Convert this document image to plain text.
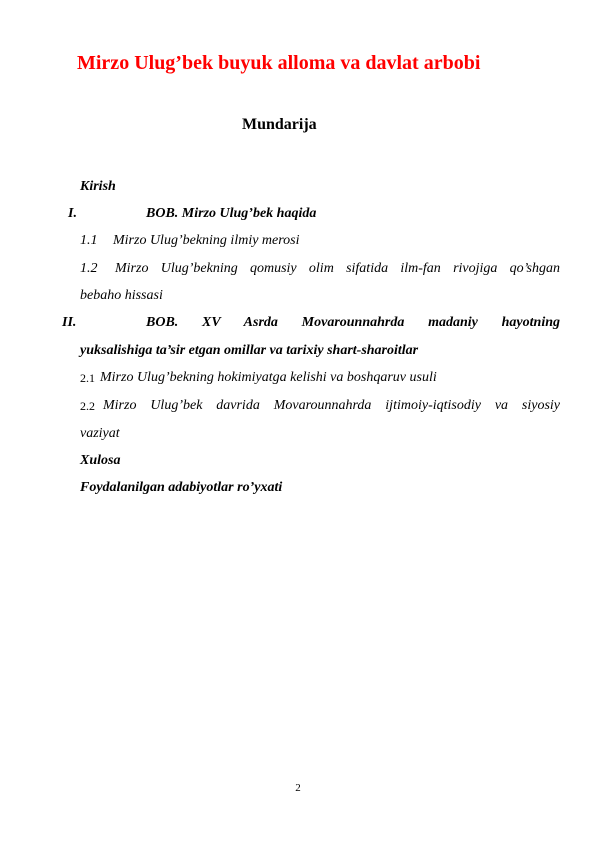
Mirzo Ulug’bek buyuk alloma va davlat arbobi
Mundarija
Kirish
I.	BOB. Mirzo Ulug’bek haqida
1.1 Mirzo Ulug’bekning ilmiy merosi
1.2 Mirzo Ulug’bekning qomusiy olim sifatida ilm-fan rivojiga qo’shgan
bebaho hissasi
II.	BOB. XV Asrda Movarounnahrda madaniy hayotning
yuksalishiga ta’sir etgan omillar va tarixiy shart-sharoitlar
2.1 Mirzo Ulug’bekning hokimiyatga kelishi va boshqaruv usuli
2.2 Mirzo Ulug’bek davrida Movarounnahrda ijtimoiy-iqtisodiy va siyosiy
vaziyat
Xulosa
Foydalanilgan adabiyotlar ro’yxati
2
